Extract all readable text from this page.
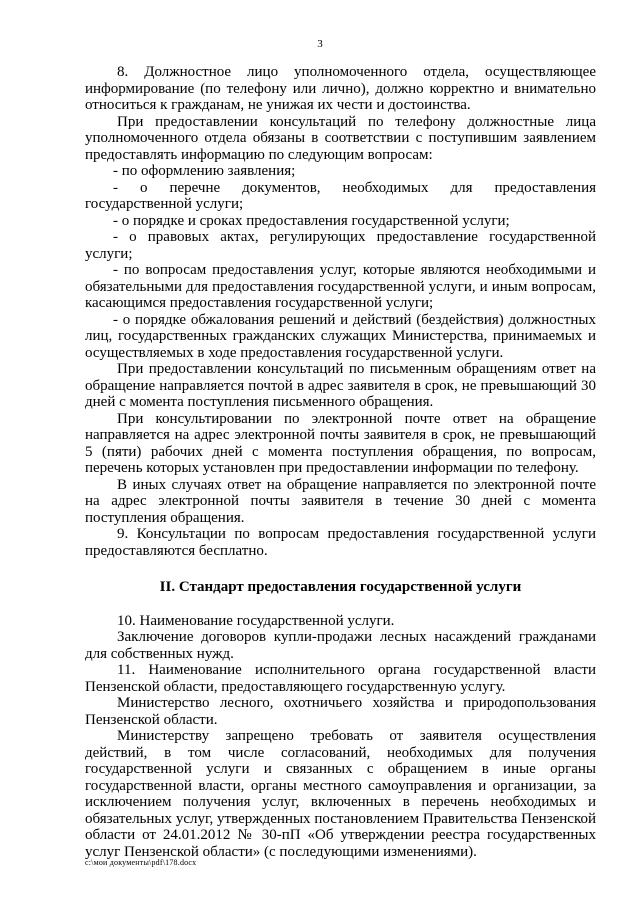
3

8. Должностное лицо уполномоченного отдела, осуществляющее информирование (по телефону или лично), должно корректно и внимательно относиться к гражданам, не унижая их чести и достоинства.

При предоставлении консультаций по телефону должностные лица уполномоченного отдела обязаны в соответствии с поступившим заявлением предоставлять информацию по следующим вопросам:

- по оформлению заявления;

- о перечне документов, необходимых для предоставления государственной услуги;

- о порядке и сроках предоставления государственной услуги;

- о правовых актах, регулирующих предоставление государственной услуги;

- по вопросам предоставления услуг, которые являются необходимыми и обязательными для предоставления государственной услуги, и иным вопросам, касающимся предоставления государственной услуги;

- о порядке обжалования решений и действий (бездействия) должностных лиц, государственных гражданских служащих Министерства, принимаемых и осуществляемых в ходе предоставления государственной услуги.

При предоставлении консультаций по письменным обращениям ответ на обращение направляется почтой в адрес заявителя в срок, не превышающий 30 дней с момента поступления письменного обращения.

При консультировании по электронной почте ответ на обращение направляется на адрес электронной почты заявителя в срок, не превышающий 5 (пяти) рабочих дней с момента поступления обращения, по вопросам, перечень которых установлен при предоставлении информации по телефону.

В иных случаях ответ на обращение направляется по электронной почте на адрес электронной почты заявителя в течение 30 дней с момента поступления обращения.

9. Консультации по вопросам предоставления государственной услуги предоставляются бесплатно.

II. Стандарт предоставления государственной услуги

10. Наименование государственной услуги.

Заключение договоров купли-продажи лесных насаждений гражданами для собственных нужд.

11. Наименование исполнительного органа государственной власти Пензенской области, предоставляющего государственную услугу.

Министерство лесного, охотничьего хозяйства и природопользования Пензенской области.

Министерству запрещено требовать от заявителя осуществления действий, в том числе согласований, необходимых для получения государственной услуги и связанных с обращением в иные органы государственной власти, органы местного самоуправления и организации, за исключением получения услуг, включенных в перечень необходимых и обязательных услуг, утвержденных постановлением Правительства Пензенской области от 24.01.2012 № 30-пП «Об утверждении реестра государственных услуг Пензенской области» (с последующими изменениями).

c:\мои документы\pdf\178.docx
